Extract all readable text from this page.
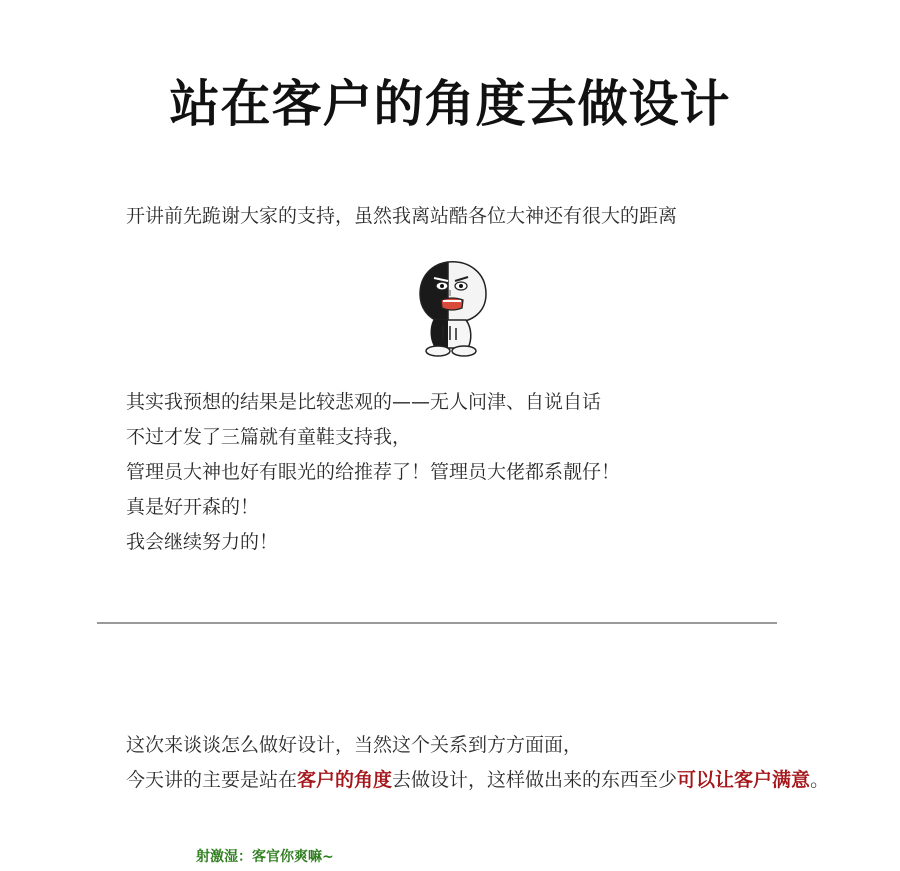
站在客户的角度去做设计
开讲前先跪谢大家的支持，虽然我离站酷各位大神还有很大的距离
其实我预想的结果是比较悲观的——无人问津、自说自话
不过才发了三篇就有童鞋支持我，
管理员大神也好有眼光的给推荐了！管理员大佬都系靓仔！
真是好开森的！
我会继续努力的！
这次来谈谈怎么做好设计，当然这个关系到方方面面，
今天讲的主要是站在客户的角度去做设计，这样做出来的东西至少可以让客户满意。
射激湿：客官你爽嘛~
